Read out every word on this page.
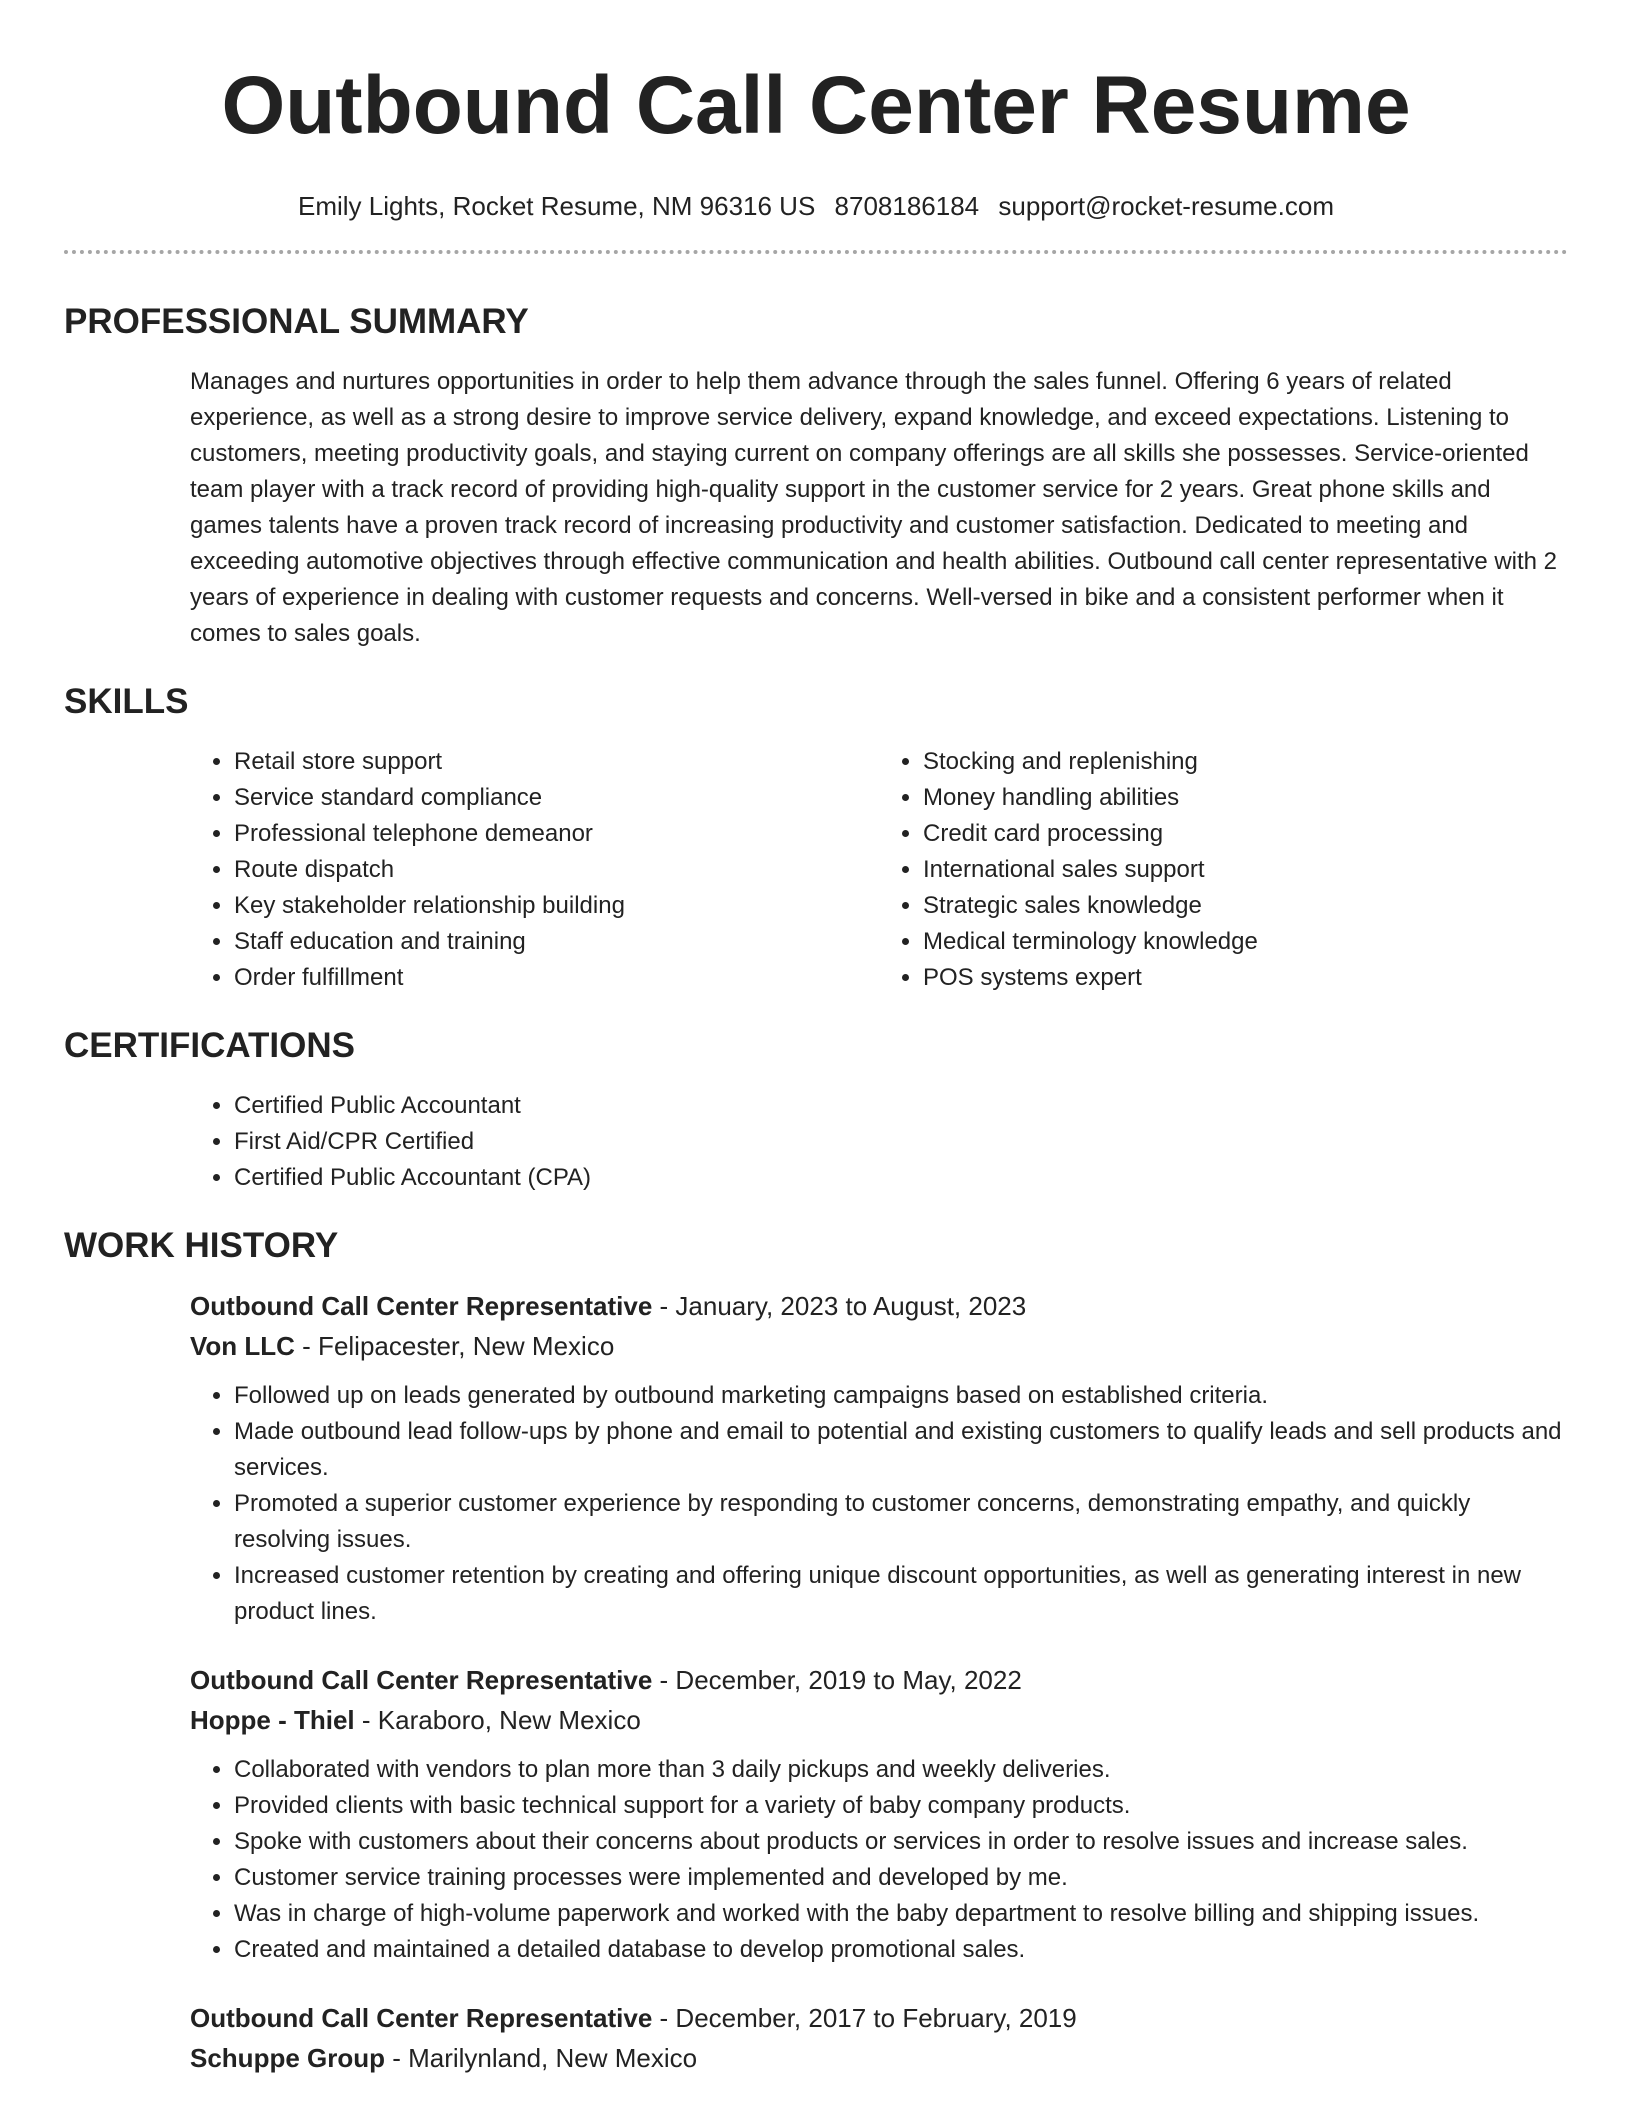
Outbound Call Center Resume
Emily Lights, Rocket Resume, NM 96316 US 8708186184 support@rocket-resume.com
PROFESSIONAL SUMMARY
Manages and nurtures opportunities in order to help them advance through the sales funnel. Offering 6 years of related experience, as well as a strong desire to improve service delivery, expand knowledge, and exceed expectations. Listening to customers, meeting productivity goals, and staying current on company offerings are all skills she possesses. Service-oriented team player with a track record of providing high-quality support in the customer service for 2 years. Great phone skills and games talents have a proven track record of increasing productivity and customer satisfaction. Dedicated to meeting and exceeding automotive objectives through effective communication and health abilities. Outbound call center representative with 2 years of experience in dealing with customer requests and concerns. Well-versed in bike and a consistent performer when it comes to sales goals.
SKILLS
• Retail store support
• Service standard compliance
• Professional telephone demeanor
• Route dispatch
• Key stakeholder relationship building
• Staff education and training
• Order fulfillment
• Stocking and replenishing
• Money handling abilities
• Credit card processing
• International sales support
• Strategic sales knowledge
• Medical terminology knowledge
• POS systems expert
CERTIFICATIONS
• Certified Public Accountant
• First Aid/CPR Certified
• Certified Public Accountant (CPA)
WORK HISTORY
Outbound Call Center Representative - January, 2023 to August, 2023
Von LLC - Felipacester, New Mexico
• Followed up on leads generated by outbound marketing campaigns based on established criteria.
• Made outbound lead follow-ups by phone and email to potential and existing customers to qualify leads and sell products and services.
• Promoted a superior customer experience by responding to customer concerns, demonstrating empathy, and quickly resolving issues.
• Increased customer retention by creating and offering unique discount opportunities, as well as generating interest in new product lines.
Outbound Call Center Representative - December, 2019 to May, 2022
Hoppe - Thiel - Karaboro, New Mexico
• Collaborated with vendors to plan more than 3 daily pickups and weekly deliveries.
• Provided clients with basic technical support for a variety of baby company products.
• Spoke with customers about their concerns about products or services in order to resolve issues and increase sales.
• Customer service training processes were implemented and developed by me.
• Was in charge of high-volume paperwork and worked with the baby department to resolve billing and shipping issues.
• Created and maintained a detailed database to develop promotional sales.
Outbound Call Center Representative - December, 2017 to February, 2019
Schuppe Group - Marilynland, New Mexico
